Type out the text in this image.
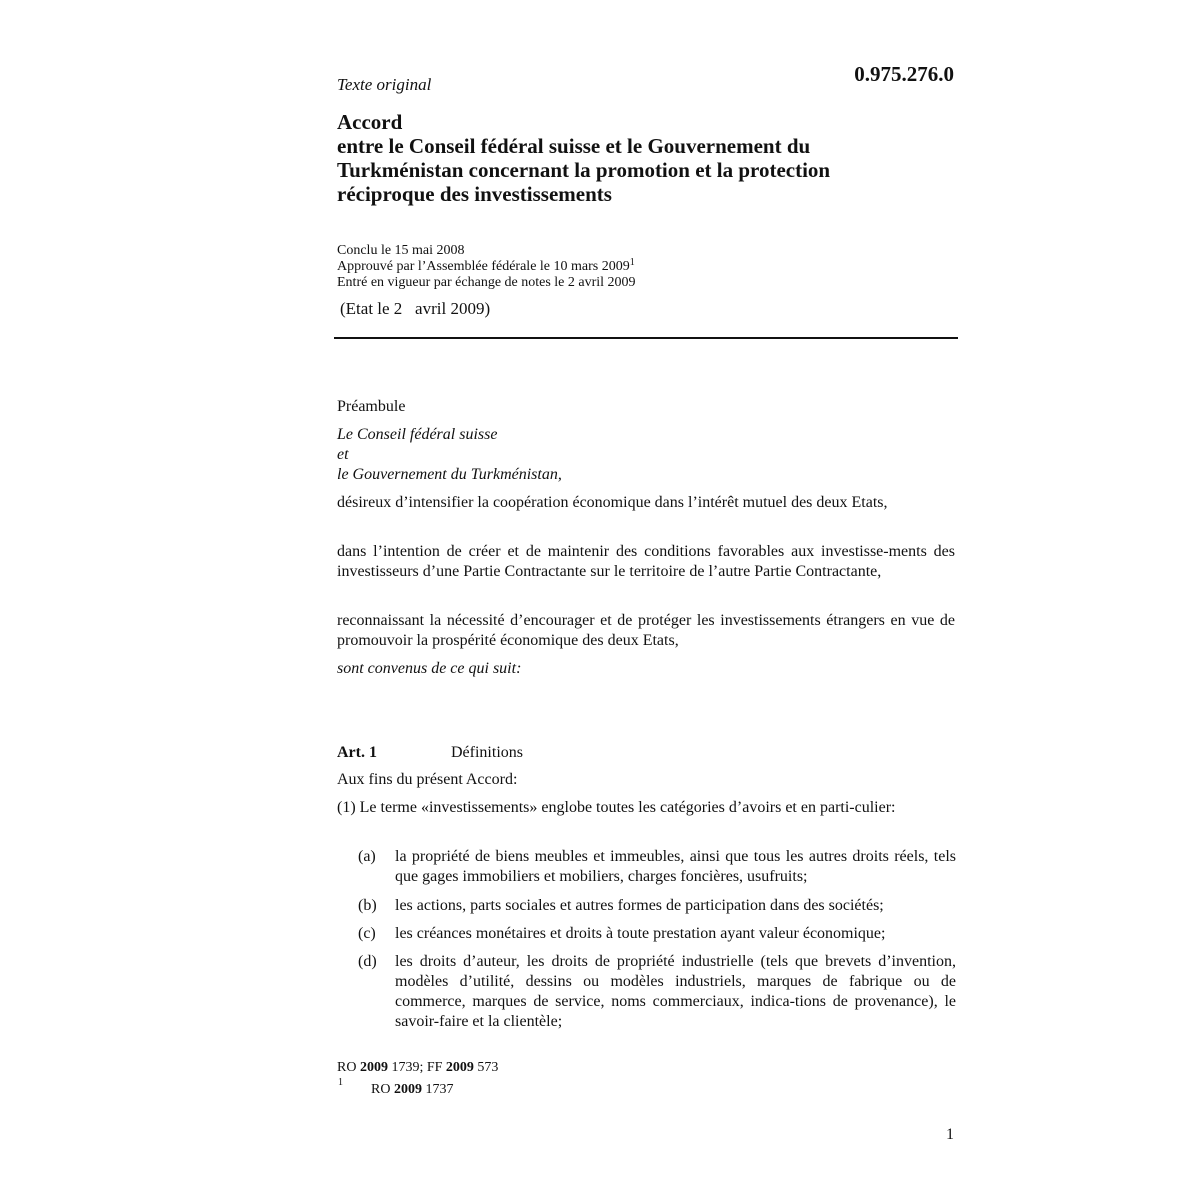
Texte original	0.975.276.0
Accord
entre le Conseil fédéral suisse et le Gouvernement du Turkménistan concernant la promotion et la protection réciproque des investissements
Conclu le 15 mai 2008
Approuvé par l’Assemblée fédérale le 10 mars 2009$^1$
Entré en vigueur par échange de notes le 2 avril 2009
(Etat le 2   avril 2009)
Préambule
Le Conseil fédéral suisse
et
le Gouvernement du Turkménistan,
désireux d’intensifier la coopération économique dans l’intérêt mutuel des deux Etats,
dans l’intention de créer et de maintenir des conditions favorables aux investisse-ments des investisseurs d’une Partie Contractante sur le territoire de l’autre Partie Contractante,
reconnaissant la nécessité d’encourager et de protéger les investissements étrangers en vue de promouvoir la prospérité économique des deux Etats,
sont convenus de ce qui suit:
Art. 1	Définitions
Aux fins du présent Accord:
(1) Le terme «investissements» englobe toutes les catégories d’avoirs et en parti-culier:
(a)	la propriété de biens meubles et immeubles, ainsi que tous les autres droits réels, tels que gages immobiliers et mobiliers, charges foncières, usufruits;
(b)	les actions, parts sociales et autres formes de participation dans des sociétés;
(c)	les créances monétaires et droits à toute prestation ayant valeur économique;
(d)	les droits d’auteur, les droits de propriété industrielle (tels que brevets d’invention, modèles d’utilité, dessins ou modèles industriels, marques de fabrique ou de commerce, marques de service, noms commerciaux, indica-tions de provenance), le savoir-faire et la clientèle;
RO 2009 1739; FF 2009 573
1 RO 2009 1737
1
